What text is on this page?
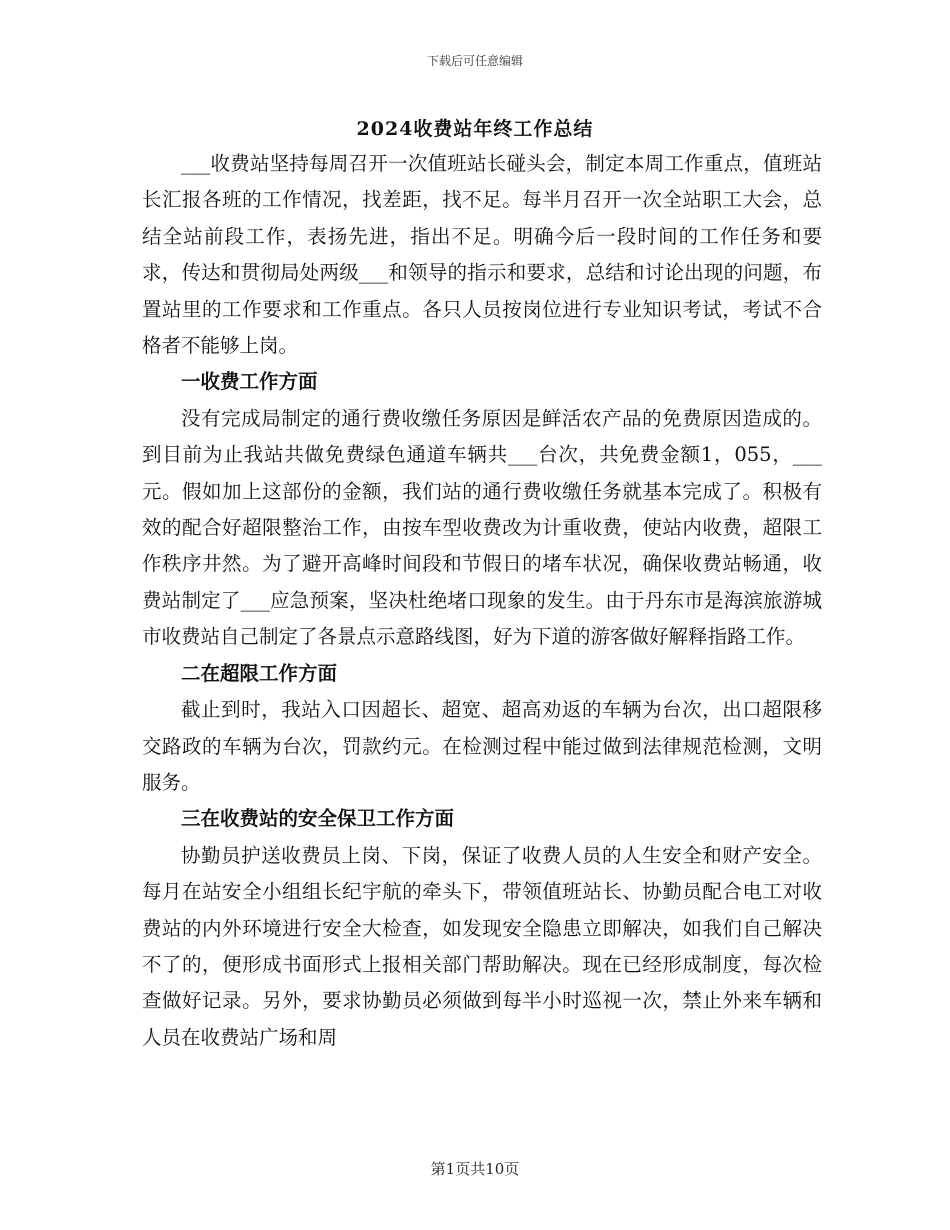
下载后可任意编辑
2024收费站年终工作总结

___收费站坚持每周召开一次值班站长碰头会，制定本周工作重点，值班站长汇报各班的工作情况，找差距，找不足。每半月召开一次全站职工大会，总结全站前段工作，表扬先进，指出不足。明确今后一段时间的工作任务和要求，传达和贯彻局处两级___和领导的指示和要求，总结和讨论出现的问题，布置站里的工作要求和工作重点。各只人员按岗位进行专业知识考试，考试不合格者不能够上岗。

一收费工作方面

没有完成局制定的通行费收缴任务原因是鲜活农产品的免费原因造成的。到目前为止我站共做免费绿色通道车辆共___台次，共免费金额1，055，___元。假如加上这部份的金额，我们站的通行费收缴任务就基本完成了。积极有效的配合好超限整治工作，由按车型收费改为计重收费，使站内收费，超限工作秩序井然。为了避开高峰时间段和节假日的堵车状况，确保收费站畅通，收费站制定了___应急预案，坚决杜绝堵口现象的发生。由于丹东市是海滨旅游城市收费站自己制定了各景点示意路线图，好为下道的游客做好解释指路工作。

二在超限工作方面

截止到时，我站入口因超长、超宽、超高劝返的车辆为台次，出口超限移交路政的车辆为台次，罚款约元。在检测过程中能过做到法律规范检测，文明服务。

三在收费站的安全保卫工作方面

协勤员护送收费员上岗、下岗，保证了收费人员的人生安全和财产安全。每月在站安全小组组长纪宇航的牵头下，带领值班站长、协勤员配合电工对收费站的内外环境进行安全大检查，如发现安全隐患立即解决，如我们自己解决不了的，便形成书面形式上报相关部门帮助解决。现在已经形成制度，每次检查做好记录。另外，要求协勤员必须做到每半小时巡视一次，禁止外来车辆和人员在收费站广场和周

第1页共10页
